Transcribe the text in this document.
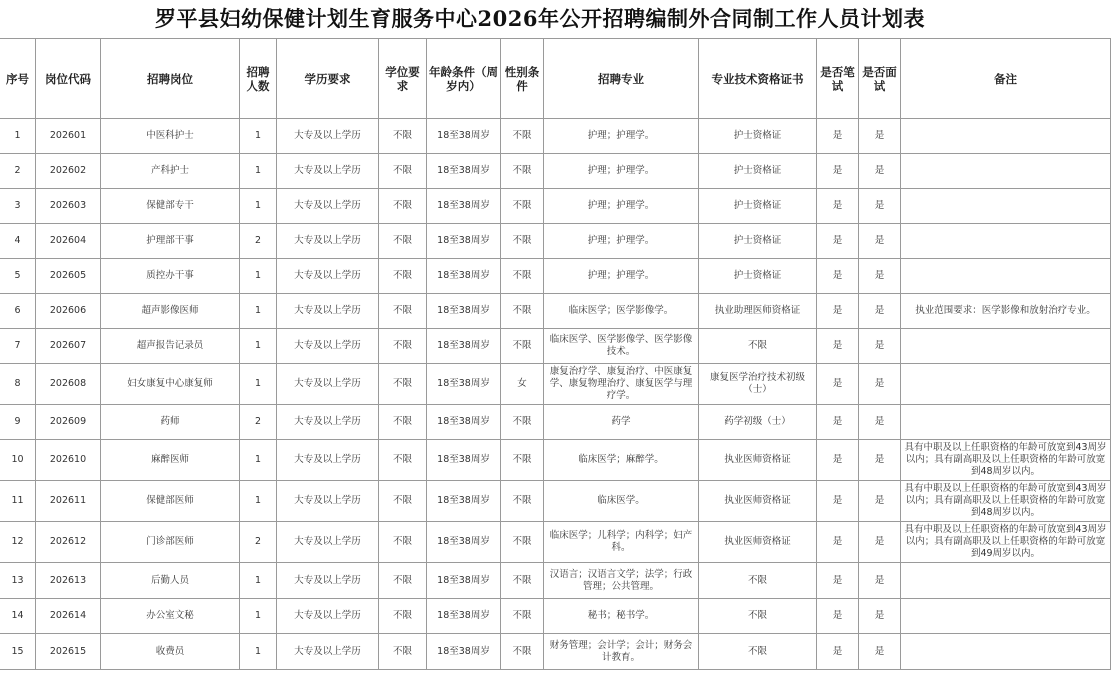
罗平县妇幼保健计划生育服务中心2026年公开招聘编制外合同制工作人员计划表
序号	岗位代码	招聘岗位	招聘人数	学历要求	学位要求	年龄条件（周岁内）	性别条件	招聘专业	专业技术资格证书	是否笔试	是否面试	备注
1	202601	中医科护士	1	大专及以上学历	不限	18至38周岁	不限	护理；护理学。	护士资格证	是	是	
2	202602	产科护士	1	大专及以上学历	不限	18至38周岁	不限	护理；护理学。	护士资格证	是	是	
3	202603	保健部专干	1	大专及以上学历	不限	18至38周岁	不限	护理；护理学。	护士资格证	是	是	
4	202604	护理部干事	2	大专及以上学历	不限	18至38周岁	不限	护理；护理学。	护士资格证	是	是	
5	202605	质控办干事	1	大专及以上学历	不限	18至38周岁	不限	护理；护理学。	护士资格证	是	是	
6	202606	超声影像医师	1	大专及以上学历	不限	18至38周岁	不限	临床医学；医学影像学。	执业助理医师资格证	是	是	执业范围要求：医学影像和放射治疗专业。
7	202607	超声报告记录员	1	大专及以上学历	不限	18至38周岁	不限	临床医学、医学影像学、医学影像技术。	不限	是	是	
8	202608	妇女康复中心康复师	1	大专及以上学历	不限	18至38周岁	女	康复治疗学、康复治疗、中医康复学、康复物理治疗、康复医学与理疗学。	康复医学治疗技术初级（士）	是	是	
9	202609	药师	2	大专及以上学历	不限	18至38周岁	不限	药学	药学初级（士）	是	是	
10	202610	麻醉医师	1	大专及以上学历	不限	18至38周岁	不限	临床医学；麻醉学。	执业医师资格证	是	是	具有中职及以上任职资格的年龄可放宽到43周岁以内；具有副高职及以上任职资格的年龄可放宽到48周岁以内。
11	202611	保健部医师	1	大专及以上学历	不限	18至38周岁	不限	临床医学。	执业医师资格证	是	是	具有中职及以上任职资格的年龄可放宽到43周岁以内；具有副高职及以上任职资格的年龄可放宽到48周岁以内。
12	202612	门诊部医师	2	大专及以上学历	不限	18至38周岁	不限	临床医学；儿科学；内科学；妇产科。	执业医师资格证	是	是	具有中职及以上任职资格的年龄可放宽到43周岁以内；具有副高职及以上任职资格的年龄可放宽到49周岁以内。
13	202613	后勤人员	1	大专及以上学历	不限	18至38周岁	不限	汉语言；汉语言文学；法学；行政管理；公共管理。	不限	是	是	
14	202614	办公室文秘	1	大专及以上学历	不限	18至38周岁	不限	秘书；秘书学。	不限	是	是	
15	202615	收费员	1	大专及以上学历	不限	18至38周岁	不限	财务管理；会计学；会计；财务会计教育。	不限	是	是	
